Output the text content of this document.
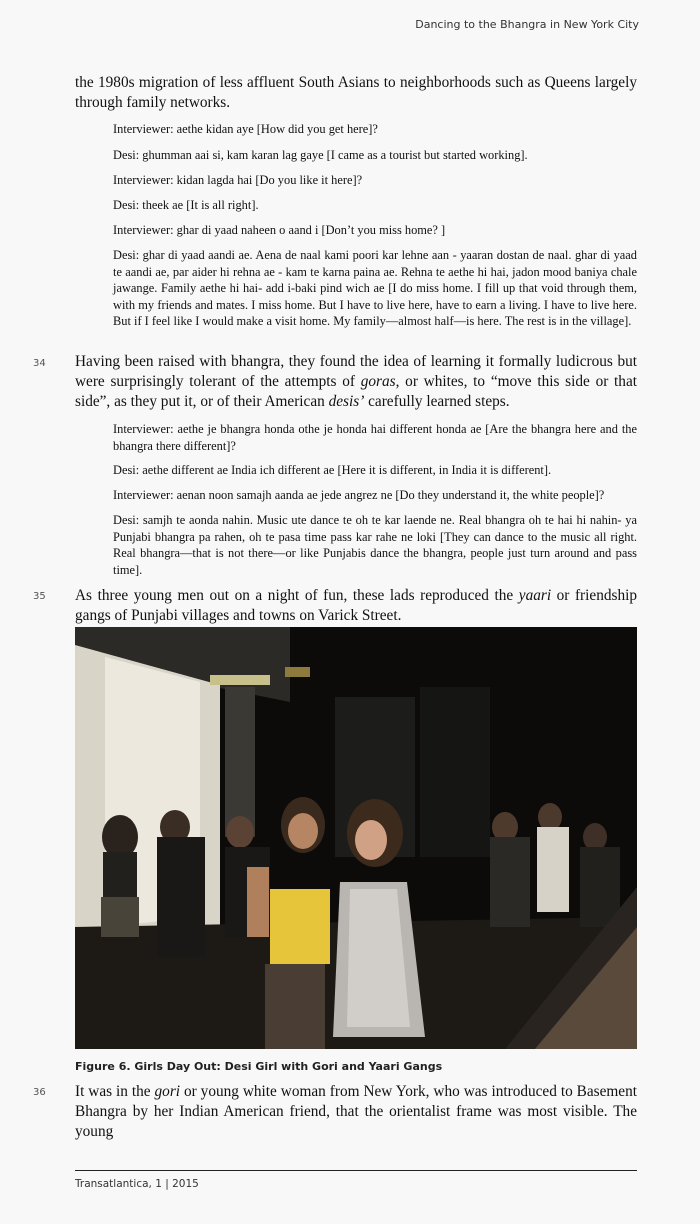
Dancing to the Bhangra in New York City

the 1980s migration of less affluent South Asians to neighborhoods such as Queens largely through family networks.

Interviewer: aethe kidan aye [How did you get here]?

Desi: ghumman aai si, kam karan lag gaye [I came as a tourist but started working].

Interviewer: kidan lagda hai [Do you like it here]?

Desi: theek ae [It is all right].

Interviewer: ghar di yaad naheen o aand i [Don’t you miss home? ]

Desi: ghar di yaad aandi ae. Aena de naal kami poori kar lehne aan - yaaran dostan de naal. ghar di yaad te aandi ae, par aider hi rehna ae - kam te karna paina ae. Rehna te aethe hi hai, jadon mood baniya chale jawange. Family aethe hi hai- add i-baki pind wich ae [I do miss home. I fill up that void through them, with my friends and mates. I miss home. But I have to live here, have to earn a living. I have to live here. But if I feel like I would make a visit home. My family—almost half—is here. The rest is in the village].

34 Having been raised with bhangra, they found the idea of learning it formally ludicrous but were surprisingly tolerant of the attempts of goras, or whites, to “move this side or that side”, as they put it, or of their American desis’ carefully learned steps.

Interviewer: aethe je bhangra honda othe je honda hai different honda ae [Are the bhangra here and the bhangra there different]?

Desi: aethe different ae India ich different ae [Here it is different, in India it is different].

Interviewer: aenan noon samajh aanda ae jede angrez ne [Do they understand it, the white people]?

Desi: samjh te aonda nahin. Music ute dance te oh te kar laende ne. Real bhangra oh te hai hi nahin- ya Punjabi bhangra pa rahen, oh te pasa time pass kar rahe ne loki [They can dance to the music all right. Real bhangra—that is not there—or like Punjabis dance the bhangra, people just turn around and pass time].

35 As three young men out on a night of fun, these lads reproduced the yaari or friendship gangs of Punjabi villages and towns on Varick Street.

Figure 6. Girls Day Out: Desi Girl with Gori and Yaari Gangs
36 It was in the gori or young white woman from New York, who was introduced to Basement Bhangra by her Indian American friend, that the orientalist frame was most visible. The young

Transatlantica, 1 | 2015
